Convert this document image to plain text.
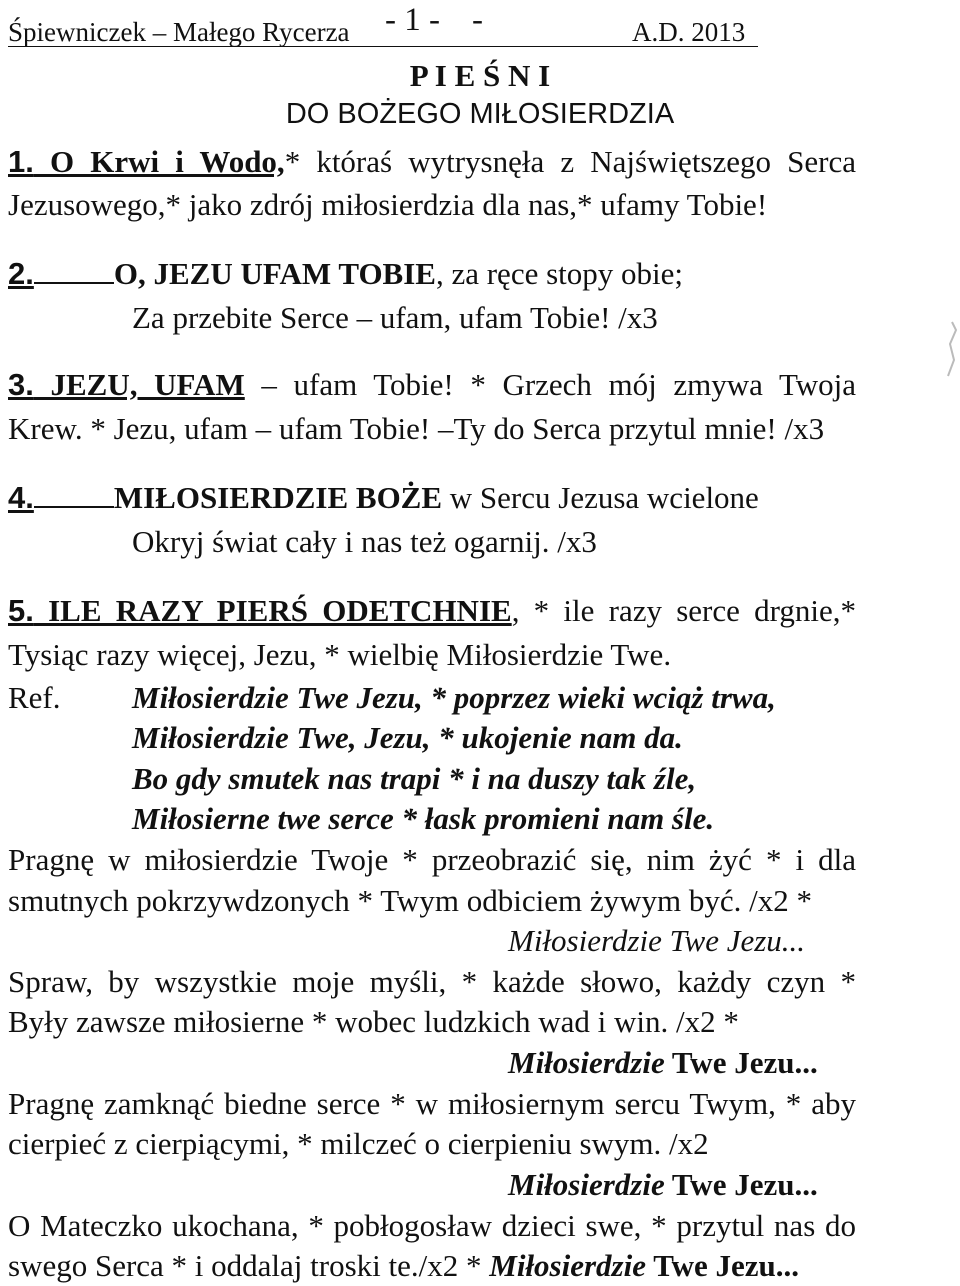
Śpiewniczek – Małego Rycerza - 1 - -	A.D. 2013
P I E Ś N I
DO BOŻEGO MIŁOSIERDZIA
1. O Krwi i Wodo,* któraś wytrysnęła z Najświętszego Serca
Jezusowego,* jako zdrój miłosierdzia dla nas,* ufamy Tobie!
2.	O, JEZU UFAM TOBIE, za ręce stopy obie;
Za przebite Serce – ufam, ufam Tobie! /x3
3. JEZU, UFAM – ufam Tobie! * Grzech mój zmywa Twoja
Krew. * Jezu, ufam – ufam Tobie! –Ty do Serca przytul mnie! /x3
4.	MIŁOSIERDZIE BOŻE w Sercu Jezusa wcielone
Okryj świat cały i nas też ogarnij. /x3
5. ILE RAZY PIERŚ ODETCHNIE, * ile razy serce drgnie,*
Tysiąc razy więcej, Jezu, * wielbię Miłosierdzie Twe.
Ref. Miłosierdzie Twe Jezu, * poprzez wieki wciąż trwa,
Miłosierdzie Twe, Jezu, * ukojenie nam da.
Bo gdy smutek nas trapi * i na duszy tak źle,
Miłosierne twe serce * łask promieni nam śle.
Pragnę w miłosierdzie Twoje * przeobrazić się, nim żyć * i dla
smutnych pokrzywdzonych * Twym odbiciem żywym być. /x2 *
Miłosierdzie Twe Jezu...
Spraw, by wszystkie moje myśli, * każde słowo, każdy czyn *
Były zawsze miłosierne * wobec ludzkich wad i win. /x2 *
Miłosierdzie Twe Jezu...
Pragnę zamknąć biedne serce * w miłosiernym sercu Twym, * aby
cierpieć z cierpiącymi, * milczeć o cierpieniu swym. /x2
Miłosierdzie Twe Jezu...
O Mateczko ukochana, * pobłogosław dzieci swe, * przytul nas do
swego Serca * i oddalaj troski te./x2 * Miłosierdzie Twe Jezu...
